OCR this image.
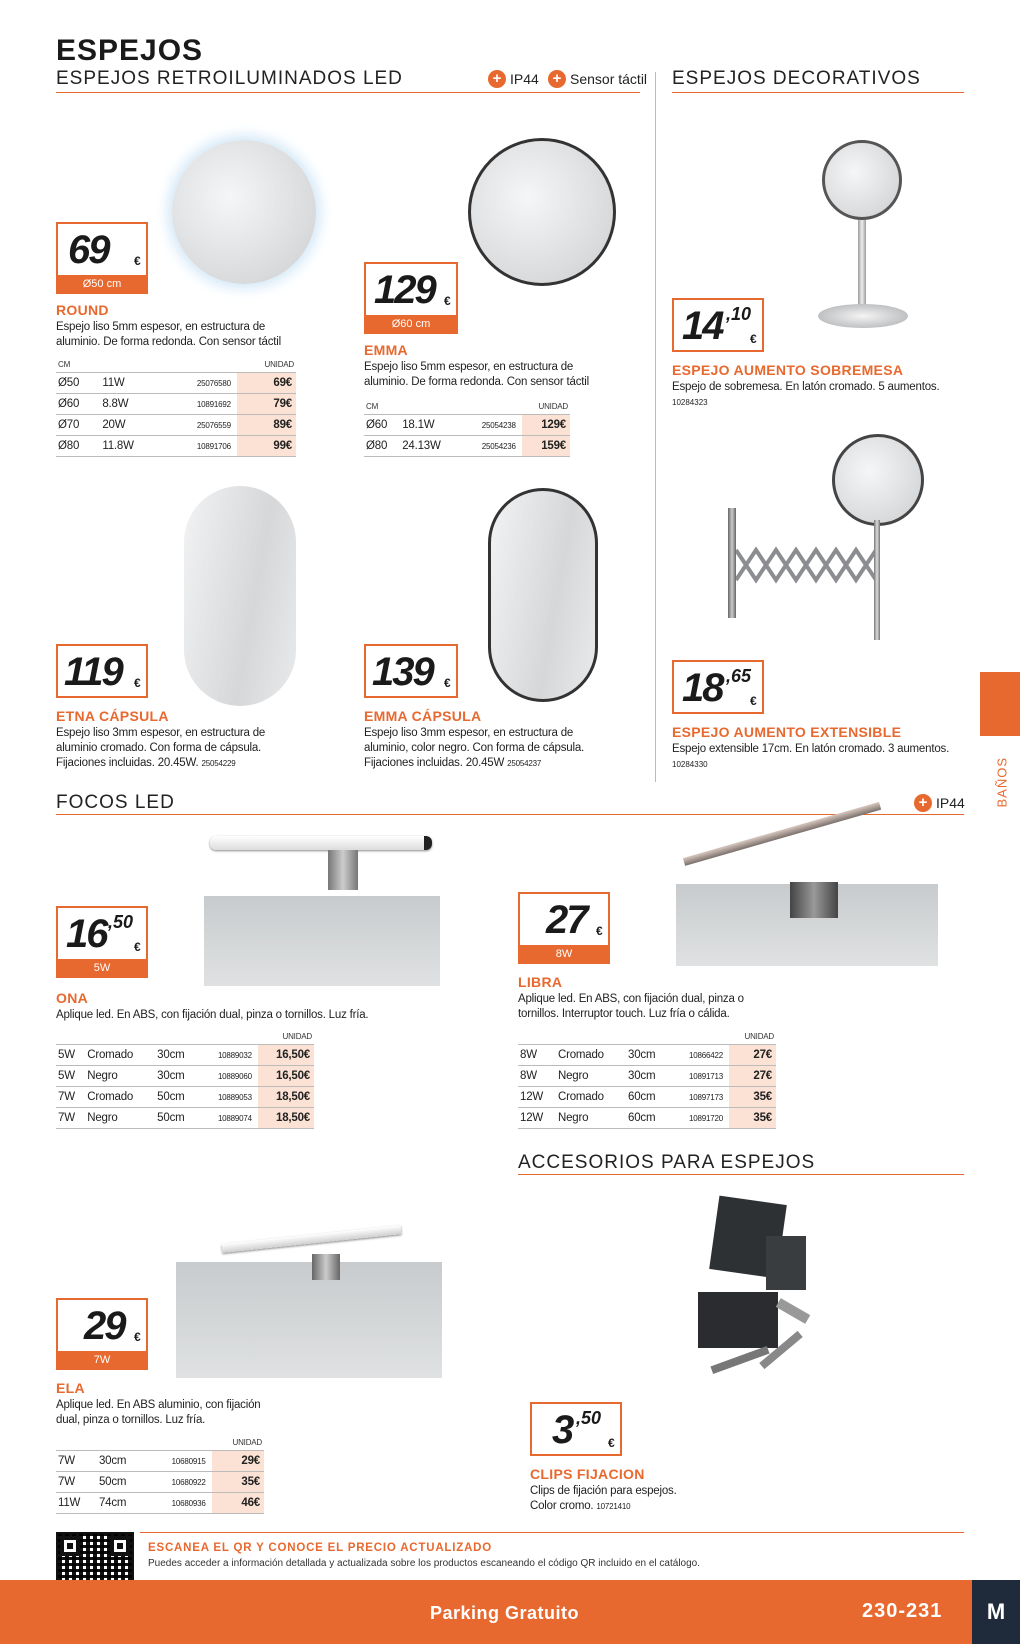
ESPEJOS
ESPEJOS RETROILUMINADOS LED	+ IP44 + Sensor táctil ESPEJOS DECORATIVOS
69 €
Ø50 cm
ROUND
Espejo liso 5mm espesor, en estructura de aluminio. De forma redonda. Con sensor táctil
CM			UNIDAD
Ø50	11W	25076580	69€
Ø60	8.8W	10891692	79€
Ø70	20W	25076559	89€
Ø80	11.8W	10891706	99€
129 €
Ø60 cm
EMMA
Espejo liso 5mm espesor, en estructura de aluminio. De forma redonda. Con sensor táctil
CM			UNIDAD
Ø60	18.1W	25054238	129€
Ø80	24.13W	25054236	159€
119 €
ETNA CÁPSULA
Espejo liso 3mm espesor, en estructura de aluminio cromado. Con forma de cápsula. Fijaciones incluidas. 20.45W. 25054229
139 €
EMMA CÁPSULA
Espejo liso 3mm espesor, en estructura de aluminio, color negro. Con forma de cápsula. Fijaciones incluidas. 20.45W 25054237
14 ,10
€
ESPEJO AUMENTO SOBREMESA
Espejo de sobremesa. En latón cromado. 5 aumentos.
10284323
18 ,65
€
ESPEJO AUMENTO EXTENSIBLE
Espejo extensible 17cm. En latón cromado. 3 aumentos.
10284330	BAÑOS
FOCOS LED	+ IP44
16 ,50
€
5W
ONA
Aplique led. En ABS, con fijación dual, pinza o tornillos. Luz fría.
				UNIDAD
5W	Cromado	30cm	10889032	16,50€
5W	Negro	30cm	10889060	16,50€
7W	Cromado	50cm	10889053	18,50€
7W	Negro	50cm	10889074	18,50€
27 €
8W
LIBRA
Aplique led. En ABS, con fijación dual, pinza o tornillos. Interruptor touch. Luz fría o cálida.
				UNIDAD
8W	Cromado	30cm	10866422	27€
8W	Negro	30cm	10891713	27€
12W	Cromado	60cm	10897173	35€
12W	Negro	60cm	10891720	35€
ACCESORIOS PARA ESPEJOS
29 €
7W
ELA
Aplique led. En ABS aluminio, con fijación dual, pinza o tornillos. Luz fría.
			UNIDAD
7W	30cm	10680915	29€
7W	50cm	10680922	35€
11W	74cm	10680936	46€
3 ,50
€
CLIPS FIJACION
Clips de fijación para espejos. Color cromo. 10721410
ESCANEA EL QR Y CONOCE EL PRECIO ACTUALIZADO
Puedes acceder a información detallada y actualizada sobre los productos escaneando el código QR incluido en el catálogo.
Parking Gratuito	230-231	M
